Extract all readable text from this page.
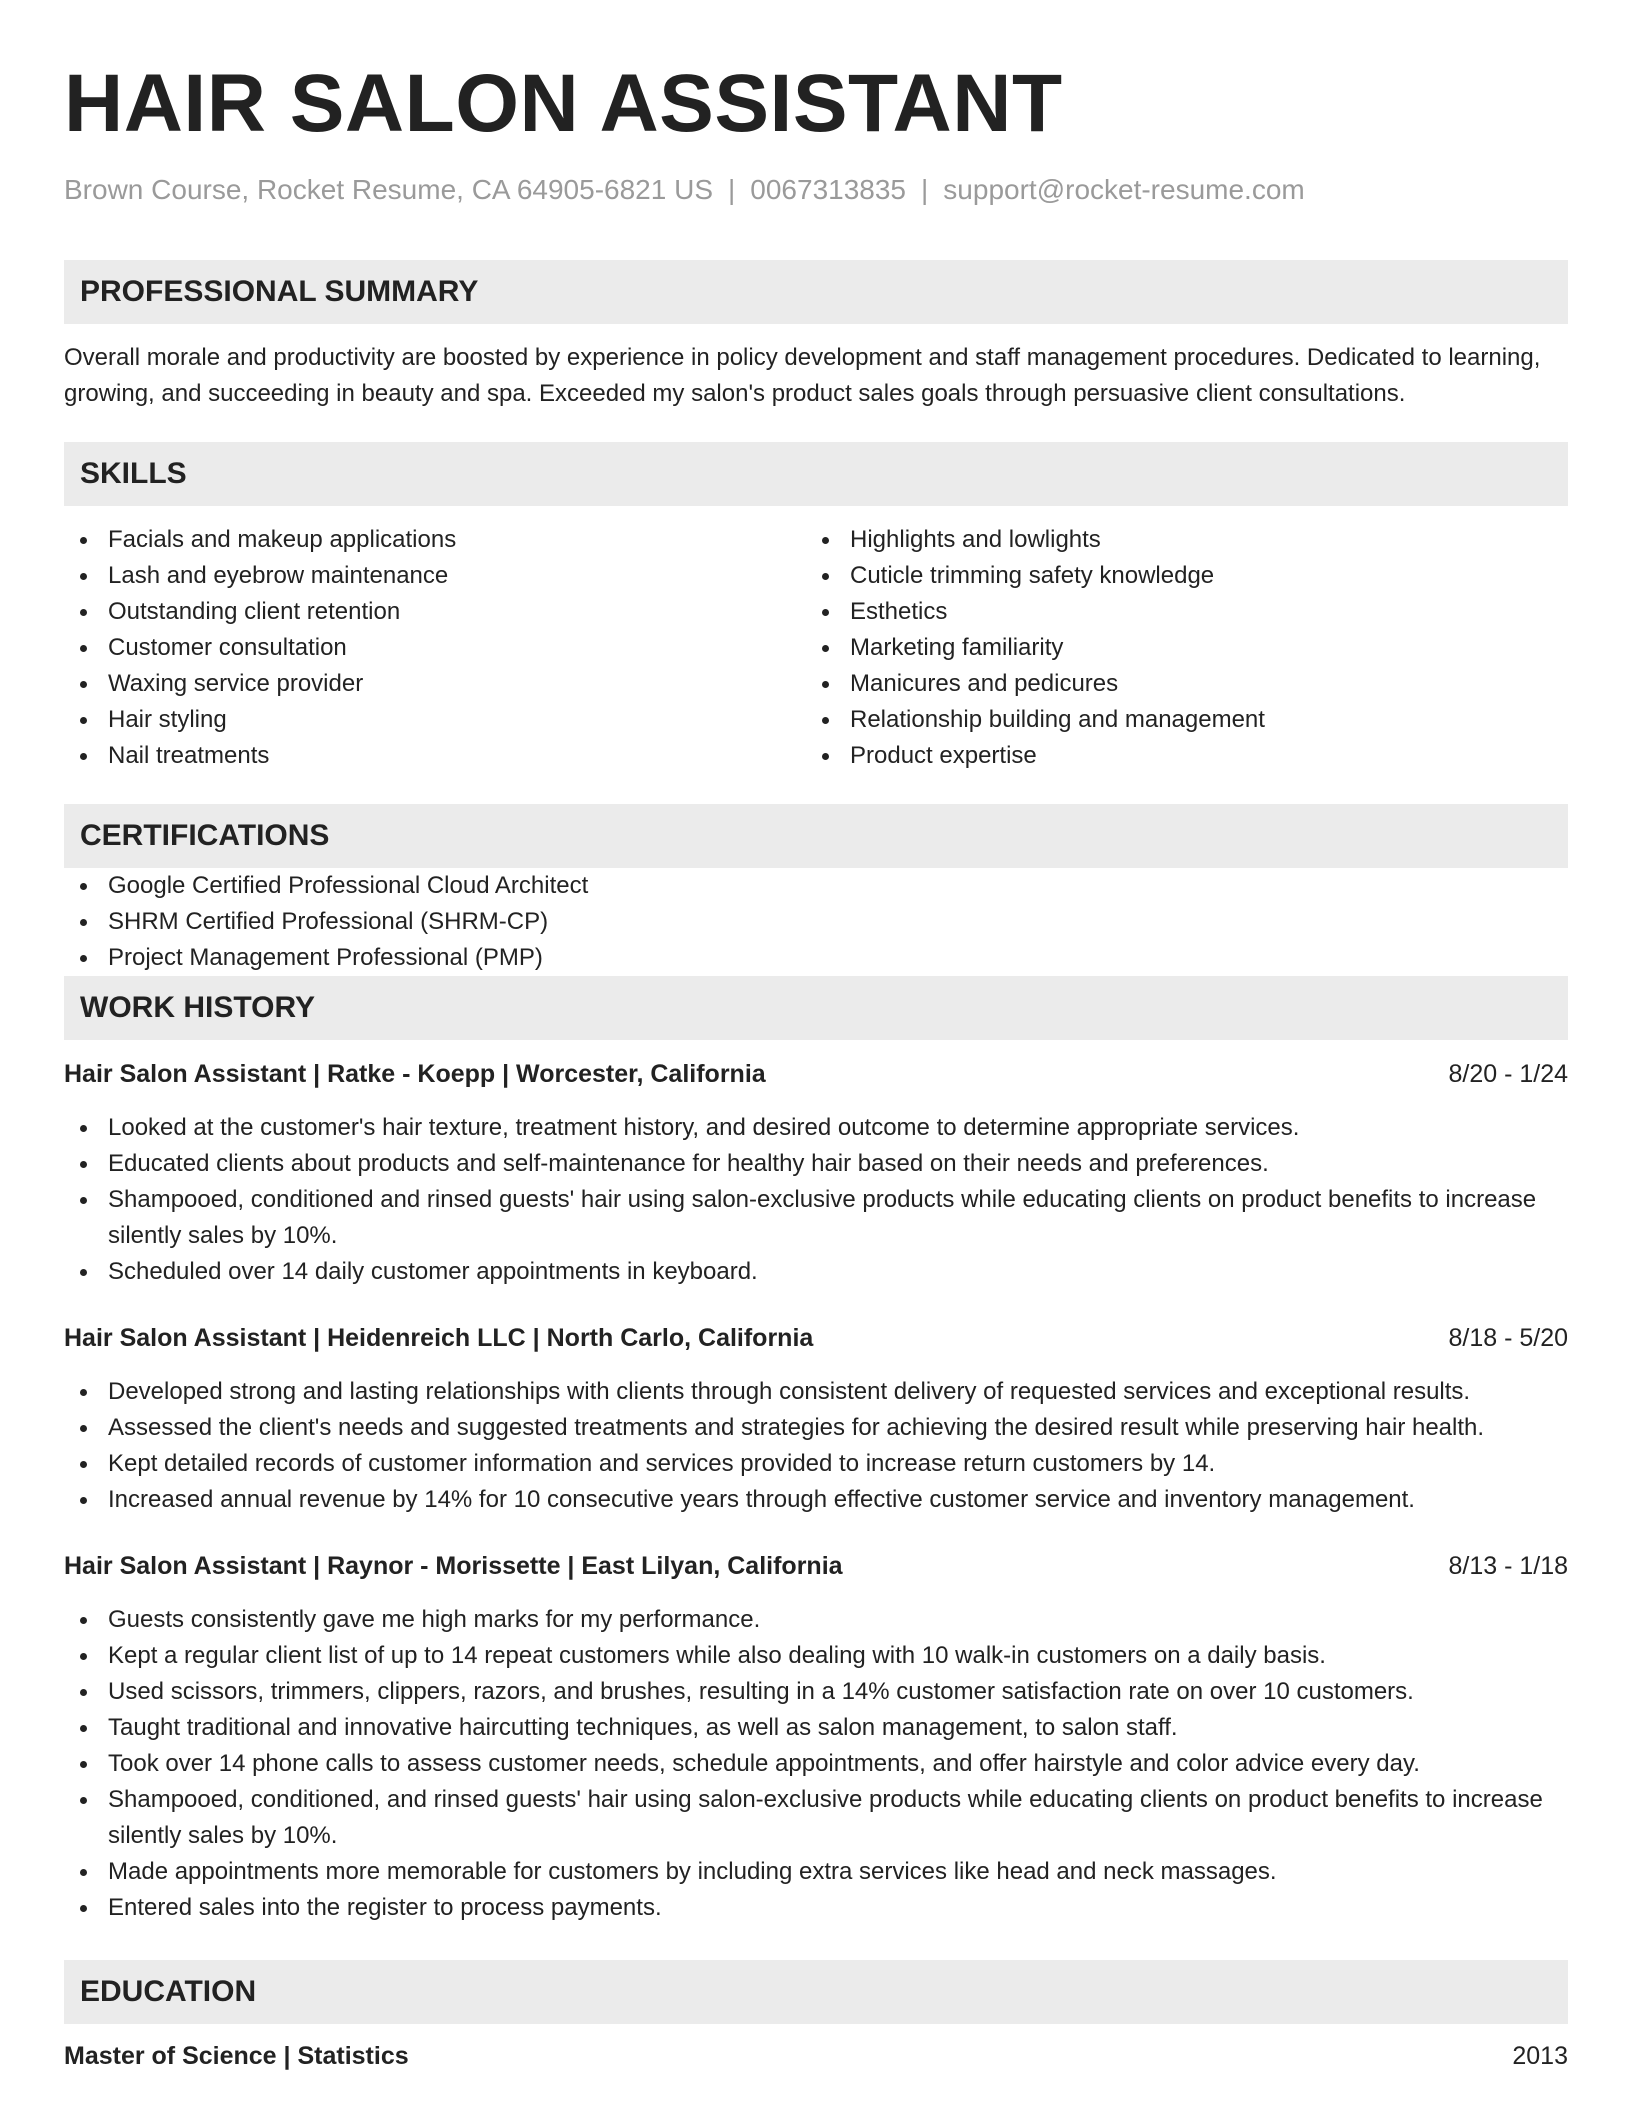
HAIR SALON ASSISTANT
Brown Course, Rocket Resume, CA 64905-6821 US | 0067313835 | support@rocket-resume.com
PROFESSIONAL SUMMARY
Overall morale and productivity are boosted by experience in policy development and staff management procedures. Dedicated to learning, growing, and succeeding in beauty and spa. Exceeded my salon's product sales goals through persuasive client consultations.
SKILLS
Facials and makeup applications
Lash and eyebrow maintenance
Outstanding client retention
Customer consultation
Waxing service provider
Hair styling
Nail treatments
Highlights and lowlights
Cuticle trimming safety knowledge
Esthetics
Marketing familiarity
Manicures and pedicures
Relationship building and management
Product expertise
CERTIFICATIONS
Google Certified Professional Cloud Architect
SHRM Certified Professional (SHRM-CP)
Project Management Professional (PMP)
WORK HISTORY
Hair Salon Assistant | Ratke - Koepp | Worcester, California	8/20 - 1/24
Looked at the customer's hair texture, treatment history, and desired outcome to determine appropriate services.
Educated clients about products and self-maintenance for healthy hair based on their needs and preferences.
Shampooed, conditioned and rinsed guests' hair using salon-exclusive products while educating clients on product benefits to increase silently sales by 10%.
Scheduled over 14 daily customer appointments in keyboard.
Hair Salon Assistant | Heidenreich LLC | North Carlo, California	8/18 - 5/20
Developed strong and lasting relationships with clients through consistent delivery of requested services and exceptional results.
Assessed the client's needs and suggested treatments and strategies for achieving the desired result while preserving hair health.
Kept detailed records of customer information and services provided to increase return customers by 14.
Increased annual revenue by 14% for 10 consecutive years through effective customer service and inventory management.
Hair Salon Assistant | Raynor - Morissette | East Lilyan, California	8/13 - 1/18
Guests consistently gave me high marks for my performance.
Kept a regular client list of up to 14 repeat customers while also dealing with 10 walk-in customers on a daily basis.
Used scissors, trimmers, clippers, razors, and brushes, resulting in a 14% customer satisfaction rate on over 10 customers.
Taught traditional and innovative haircutting techniques, as well as salon management, to salon staff.
Took over 14 phone calls to assess customer needs, schedule appointments, and offer hairstyle and color advice every day.
Shampooed, conditioned, and rinsed guests' hair using salon-exclusive products while educating clients on product benefits to increase silently sales by 10%.
Made appointments more memorable for customers by including extra services like head and neck massages.
Entered sales into the register to process payments.
EDUCATION
Master of Science | Statistics	2013
